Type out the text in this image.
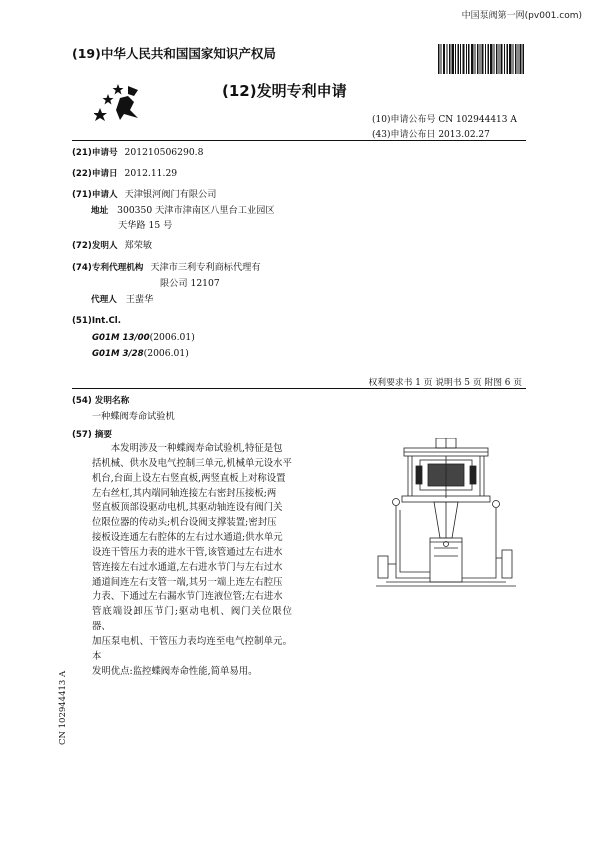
中国泵阀第一网(pv001.com)
(19)中华人民共和国国家知识产权局
(12)发明专利申请
(10)申请公布号 CN 102944413 A
(43)申请公布日 2013.02.27
(21)申请号 201210506290.8
(22)申请日 2012.11.29
(71)申请人 天津银河阀门有限公司
地址 300350 天津市津南区八里台工业园区
天华路 15 号
(72)发明人 郑荣敏
(74)专利代理机构 天津市三利专利商标代理有
限公司 12107
代理人 王蜚华
(51)Int.Cl.
G01M 13/00(2006.01)
G01M 3/28(2006.01)
权利要求书 1 页 说明书 5 页 附图 6 页
(54) 发明名称
一种蝶阀寿命试验机
(57) 摘要
本发明涉及一种蝶阀寿命试验机,特征是包
括机械、供水及电气控制三单元,机械单元设水平
机台,台面上设左右竖直板,两竖直板上对称设置
左右丝杠,其内端同轴连接左右密封压接板;两
竖直板顶部设驱动电机,其驱动轴连设有阀门关
位限位器的传动头;机台设阀支撑装置;密封压
接板设连通左右腔体的左右过水通道;供水单元
设连干管压力表的进水干管,该管通过左右进水
管连接左右过水通道,左右进水节门与左右过水
通道间连左右支管一端,其另一端上连左右腔压
力表、下通过左右漏水节门连液位管;左右进水
管底端设卸压节门;驱动电机、阀门关位限位器、
加压泵电机、干管压力表均连至电气控制单元。本
发明优点:监控蝶阀寿命性能,简单易用。
CN 102944413 A
